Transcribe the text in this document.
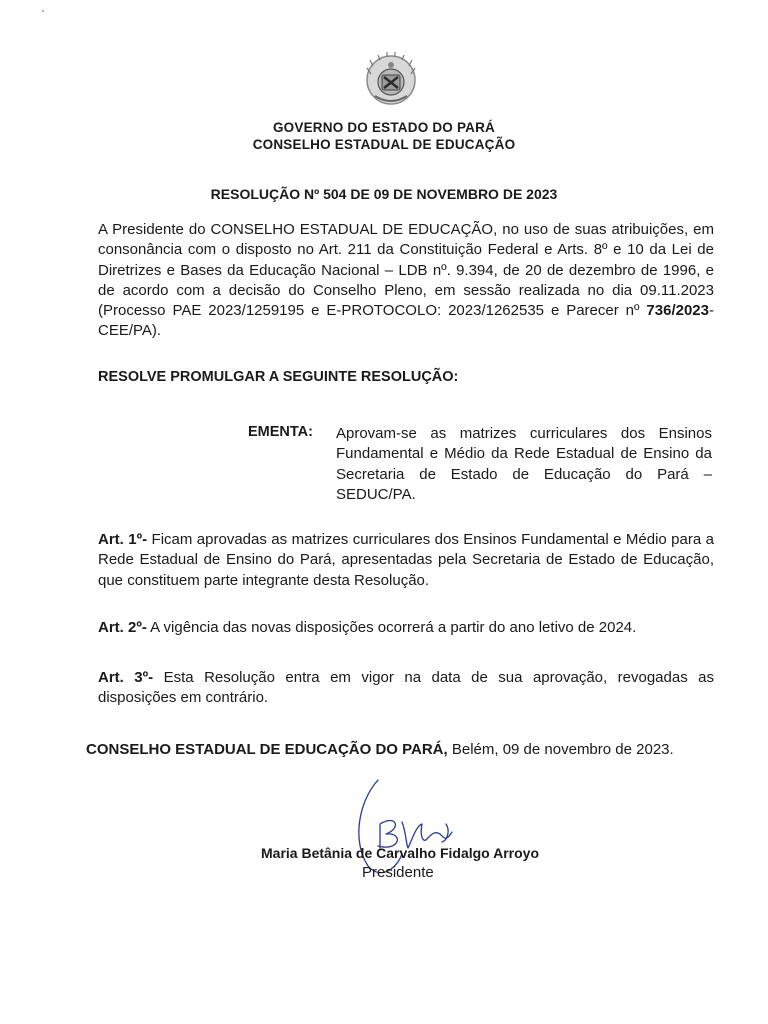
GOVERNO DO ESTADO DO PARÁ
CONSELHO ESTADUAL DE EDUCAÇÃO
RESOLUÇÃO Nº 504 DE 09 DE NOVEMBRO DE 2023
A Presidente do CONSELHO ESTADUAL DE EDUCAÇÃO, no uso de suas atribuições, em consonância com o disposto no Art. 211 da Constituição Federal e Arts. 8º e 10 da Lei de Diretrizes e Bases da Educação Nacional – LDB nº. 9.394, de 20 de dezembro de 1996, e de acordo com a decisão do Conselho Pleno, em sessão realizada no dia 09.11.2023 (Processo PAE 2023/1259195 e E-PROTOCOLO: 2023/1262535 e Parecer nº 736/2023-CEE/PA).
RESOLVE PROMULGAR A SEGUINTE RESOLUÇÃO:
EMENTA: Aprovam-se as matrizes curriculares dos Ensinos Fundamental e Médio da Rede Estadual de Ensino da Secretaria de Estado de Educação do Pará – SEDUC/PA.
Art. 1º- Ficam aprovadas as matrizes curriculares dos Ensinos Fundamental e Médio para a Rede Estadual de Ensino do Pará, apresentadas pela Secretaria de Estado de Educação, que constituem parte integrante desta Resolução.
Art. 2º- A vigência das novas disposições ocorrerá a partir do ano letivo de 2024.
Art. 3º- Esta Resolução entra em vigor na data de sua aprovação, revogadas as disposições em contrário.
CONSELHO ESTADUAL DE EDUCAÇÃO DO PARÁ, Belém, 09 de novembro de 2023.
Maria Betânia de Carvalho Fidalgo Arroyo
Presidente
